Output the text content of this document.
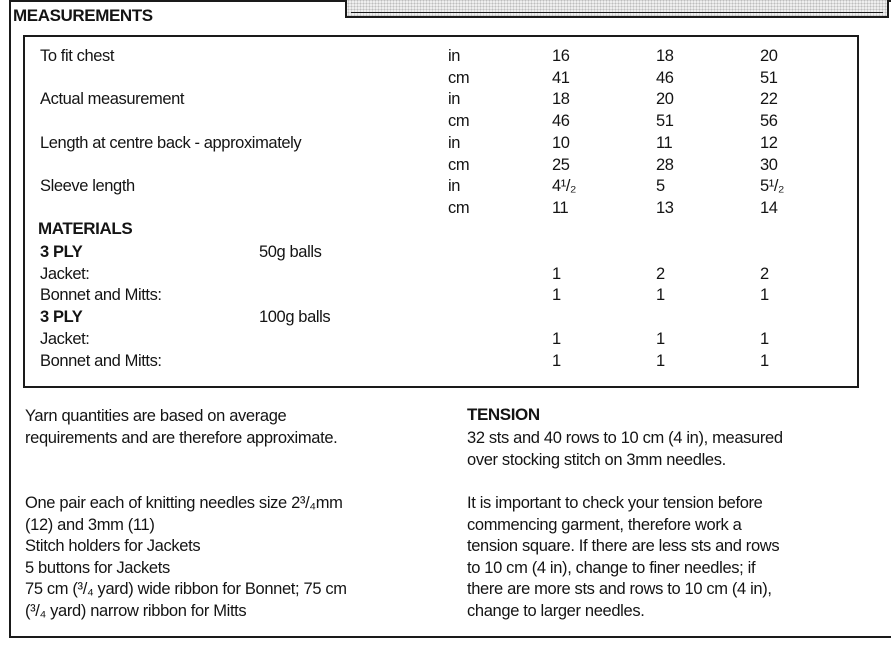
MEASUREMENTS
To fit chest	in	16	18	20
cm	41	46	51
Actual measurement	in	18	20	22
cm	46	51	56
Length at centre back - approximately	in	10	11	12
cm	25	28	30
Sleeve length	in	4¹/₂	5	5¹/₂
cm	11	13	14
MATERIALS
3 PLY	50g balls
Jacket:	1	2	2
Bonnet and Mitts:	1	1	1
3 PLY	100g balls
Jacket:	1	1	1
Bonnet and Mitts:	1	1	1
Yarn quantities are based on average
requirements and are therefore approximate.
One pair each of knitting needles size 2³/₄mm
(12) and 3mm (11)
Stitch holders for Jackets
5 buttons for Jackets
75 cm (³/₄ yard) wide ribbon for Bonnet; 75 cm
(³/₄ yard) narrow ribbon for Mitts
TENSION
32 sts and 40 rows to 10 cm (4 in), measured
over stocking stitch on 3mm needles.
It is important to check your tension before
commencing garment, therefore work a
tension square. If there are less sts and rows
to 10 cm (4 in), change to finer needles; if
there are more sts and rows to 10 cm (4 in),
change to larger needles.
